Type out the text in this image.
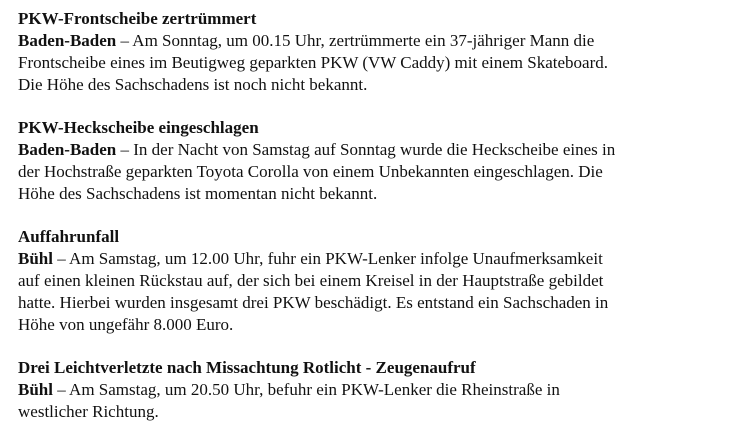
PKW-Frontscheibe zertrümmert

Baden-Baden – Am Sonntag, um 00.15 Uhr, zertrümmerte ein 37-jähriger Mann die
Frontscheibe eines im Beutigweg geparkten PKW (VW Caddy) mit einem Skateboard.
Die Höhe des Sachschadens ist noch nicht bekannt.

PKW-Heckscheibe eingeschlagen

Baden-Baden – In der Nacht von Samstag auf Sonntag wurde die Heckscheibe eines in
der Hochstraße geparkten Toyota Corolla von einem Unbekannten eingeschlagen. Die
Höhe des Sachschadens ist momentan nicht bekannt.

Auffahrunfall

Bühl – Am Samstag, um 12.00 Uhr, fuhr ein PKW-Lenker infolge Unaufmerksamkeit
auf einen kleinen Rückstau auf, der sich bei einem Kreisel in der Hauptstraße gebildet
hatte. Hierbei wurden insgesamt drei PKW beschädigt. Es entstand ein Sachschaden in
Höhe von ungefähr 8.000 Euro.

Drei Leichtverletzte nach Missachtung Rotlicht - Zeugenaufruf

Bühl – Am Samstag, um 20.50 Uhr, befuhr ein PKW-Lenker die Rheinstraße in
westlicher Richtung.
